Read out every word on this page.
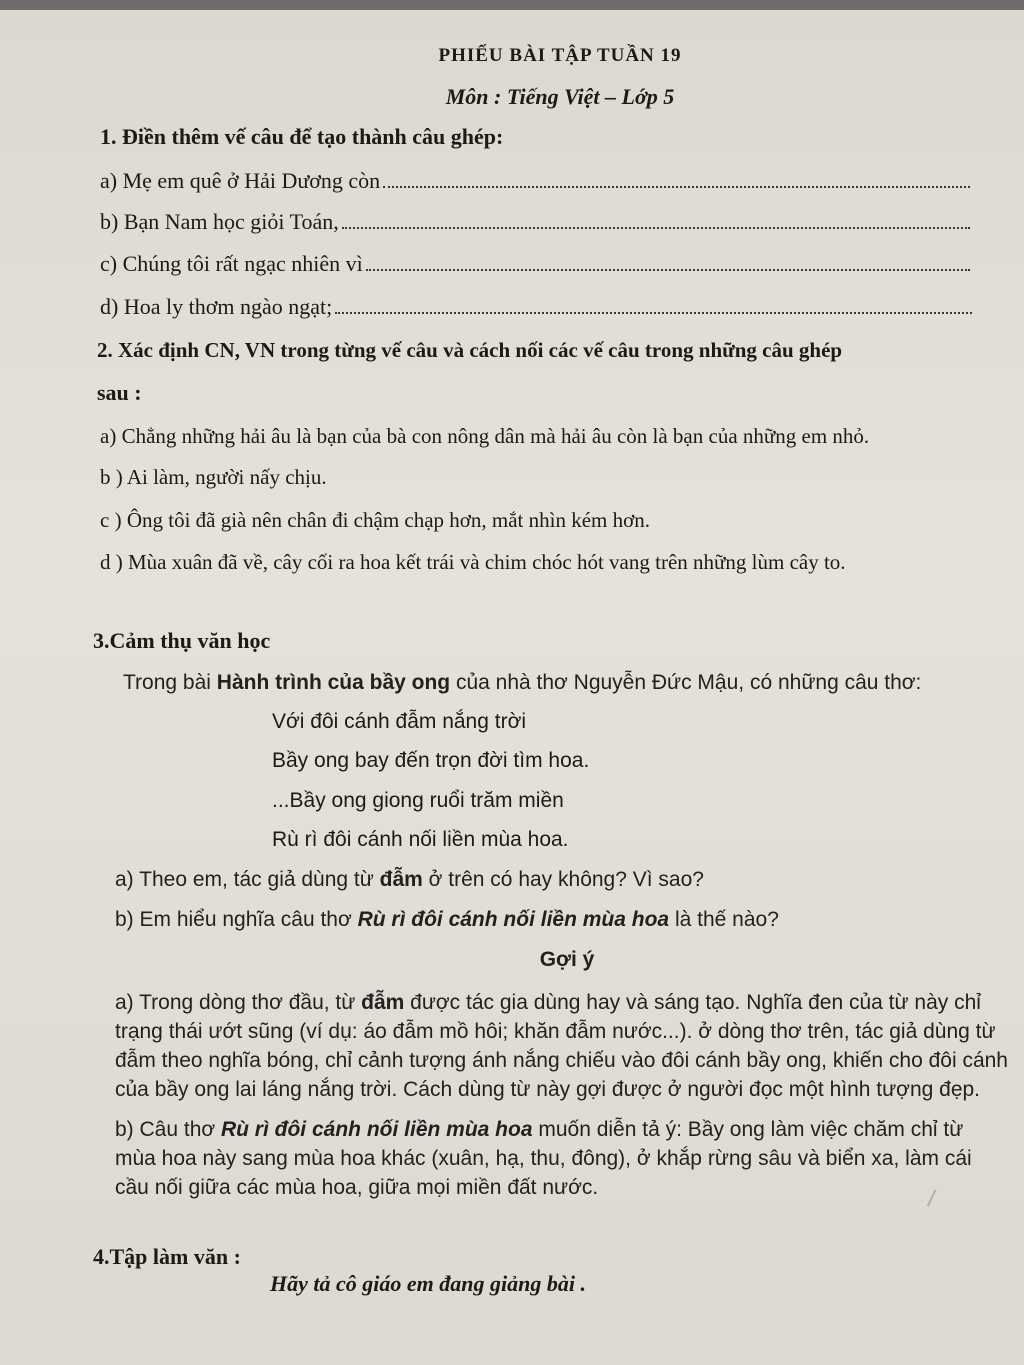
PHIẾU BÀI TẬP TUẦN 19
Môn : Tiếng Việt – Lớp 5
1. Điền thêm vế câu để tạo thành câu ghép:
a) Mẹ em quê ở Hải Dương còn
b) Bạn Nam học giỏi Toán,
c) Chúng tôi rất ngạc nhiên vì
d) Hoa ly thơm ngào ngạt;
2. Xác định CN, VN trong từng vế câu và cách nối các vế câu trong những câu ghép
sau :
a) Chẳng những hải âu là bạn của bà con nông dân mà hải âu còn là bạn của những em nhỏ.
b ) Ai làm, người nấy chịu.
c ) Ông tôi đã già nên chân đi chậm chạp hơn, mắt nhìn kém hơn.
d ) Mùa xuân đã về, cây cối ra hoa kết trái và chim chóc hót vang trên những lùm cây to.
3.Cảm thụ văn học
Trong bài Hành trình của bầy ong của nhà thơ Nguyễn Đức Mậu, có những câu thơ:
Với đôi cánh đẫm nắng trời
Bầy ong bay đến trọn đời tìm hoa.
...Bầy ong giong ruổi trăm miền
Rù rì đôi cánh nối liền mùa hoa.
a) Theo em, tác giả dùng từ đẫm ở trên có hay không? Vì sao?
b) Em hiểu nghĩa câu thơ Rù rì đôi cánh nối liền mùa hoa là thế nào?
Gợi ý
a) Trong dòng thơ đầu, từ đẫm được tác gia dùng hay và sáng tạo. Nghĩa đen của từ này chỉ trạng thái ướt sũng (ví dụ: áo đẫm mồ hôi; khăn đẫm nước...). ở dòng thơ trên, tác giả dùng từ đẫm theo nghĩa bóng, chỉ cảnh tượng ánh nắng chiếu vào đôi cánh bầy ong, khiến cho đôi cánh của bầy ong lai láng nắng trời. Cách dùng từ này gợi được ở người đọc một hình tượng đẹp.
b) Câu thơ Rù rì đôi cánh nối liền mùa hoa muốn diễn tả ý: Bầy ong làm việc chăm chỉ từ mùa hoa này sang mùa hoa khác (xuân, hạ, thu, đông), ở khắp rừng sâu và biển xa, làm cái cầu nối giữa các mùa hoa, giữa mọi miền đất nước.
4.Tập làm văn :
Hãy tả cô giáo em đang giảng bài .
